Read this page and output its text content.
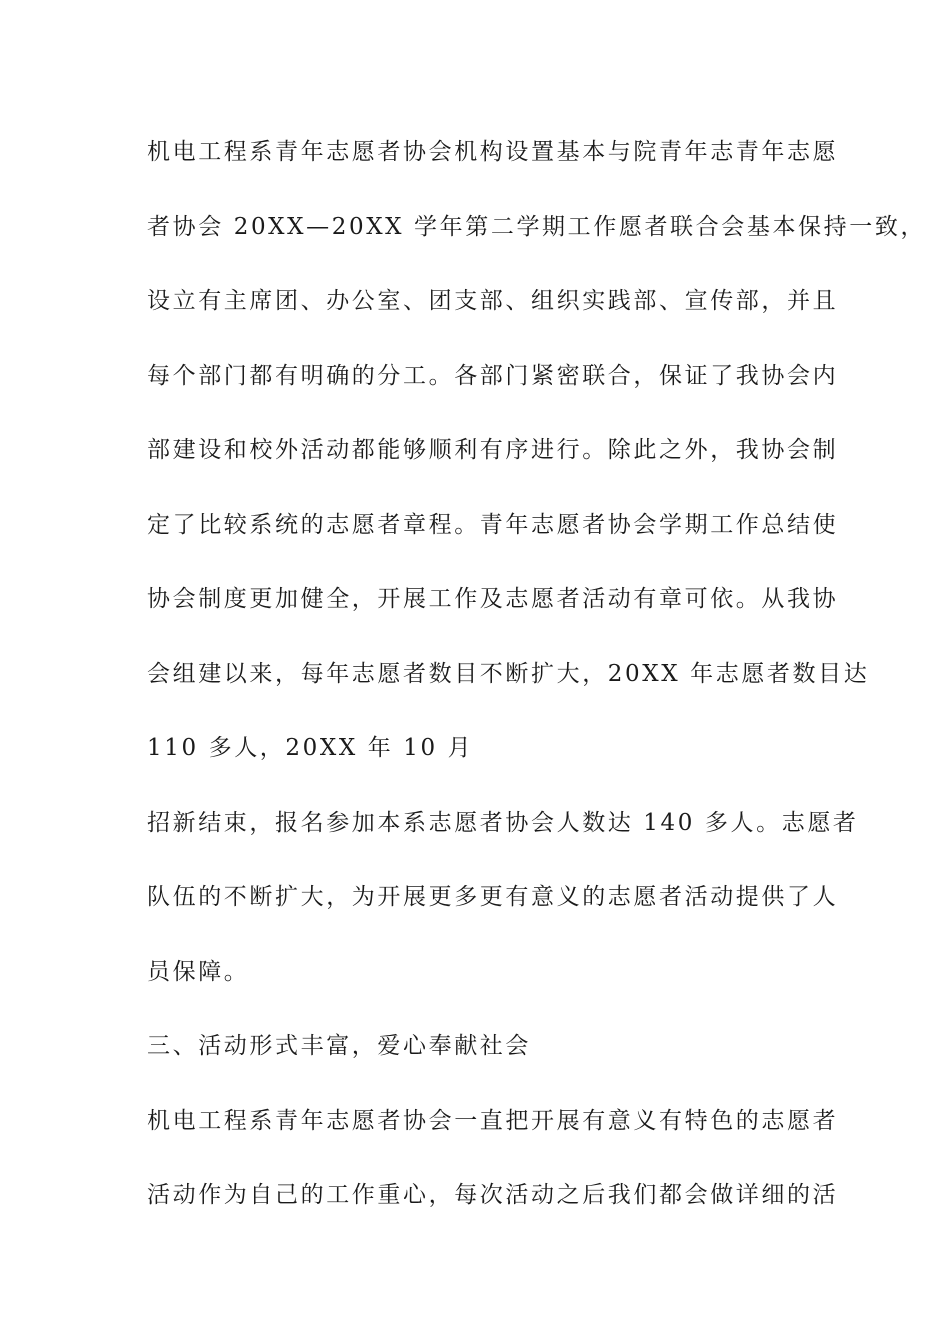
机电工程系青年志愿者协会机构设置基本与院青年志青年志愿
者协会 20XX—20XX 学年第二学期工作愿者联合会基本保持一致，
设立有主席团、办公室、团支部、组织实践部、宣传部，并且
每个部门都有明确的分工。各部门紧密联合，保证了我协会内
部建设和校外活动都能够顺利有序进行。除此之外，我协会制
定了比较系统的志愿者章程。青年志愿者协会学期工作总结使
协会制度更加健全，开展工作及志愿者活动有章可依。从我协
会组建以来，每年志愿者数目不断扩大，20XX 年志愿者数目达
110 多人，20XX 年 10 月
招新结束，报名参加本系志愿者协会人数达 140 多人。志愿者
队伍的不断扩大，为开展更多更有意义的志愿者活动提供了人
员保障。
三、活动形式丰富，爱心奉献社会
机电工程系青年志愿者协会一直把开展有意义有特色的志愿者
活动作为自己的工作重心，每次活动之后我们都会做详细的活
